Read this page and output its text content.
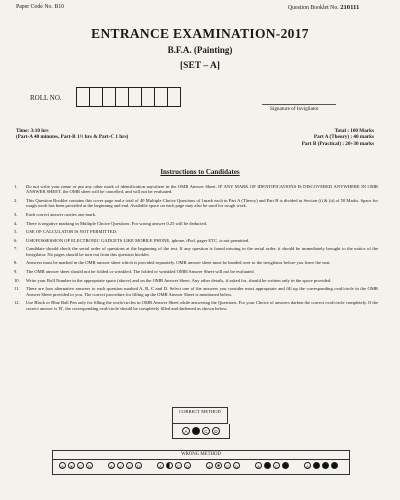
Paper Code No. B10	Question Booklet No. 210111
ENTRANCE EXAMINATION-2017
B.F.A. (Painting)
[SET – A]
ROLL NO.
Signature of Invigilator
Time: 3:10 hrs
(Part-A 40 minutes, Part-B 1½ hrs & Part-C 1 hrs)
Total : 100 Marks
Part A (Theory) : 40 marks
Part B (Practical) : 20+30 marks
Instructions to Candidates
1.	Do not write your name or put any other mark of identification anywhere in the OMR Answer Sheet. IF ANY MARK OF IDENTIFICATIONS IS DISCOVERED ANYWHERE IN OMR ANSWER SHEET, the OMR sheet will be cancelled, and will not be evaluated.
2.	This Question Booklet contains this cover page and a total of 40 Multiple Choice Questions of 1mark each in Part A (Theory) and Part B is divided in Section (i) & (ii) of 50 Marks. Space for rough work has been provided at the beginning and end. Available space on each page may also be used for rough work.
3.	Each correct answer carries one mark.
4.	There is negative marking in Multiple Choice Questions. For wrong answer 0.25 will be deducted.
5.	USE OF CALCULATOR IS NOT PERMITTED.
6.	USE/POSSESSION OF ELECTRONIC GADGETS LIKE MOBILE PHONE, iphone, iPod, pager ETC. is not permitted.
7.	Candidate should check the serial order of questions at the beginning of the test. If any question is found missing in the serial order, it should be immediately brought to the notice of the Invigilator. No pages should be torn out from this question booklet.
8.	Answers must be marked in the OMR answer sheet which is provided separately. OMR answer sheet must be handed over to the invigilator before you leave the seat.
9.	The OMR answer sheet should not be folded or wrinkled. The folded or wrinkled OMR/Answer Sheet will not be evaluated.
10.	Write your Roll Number in the appropriate space (above) and on the OMR Answer Sheet. Any other details, if asked for, should be written only in the space provided.
11.	There are four alternative answers to each question marked A, B, C and D. Select one of the answers you consider most appropriate and fill up the corresponding oval/circle in the OMR Answer Sheet provided to you. The correct procedure for filling up the OMR Answer Sheet is mentioned below.
12.	Use Black or Blue Ball Pen only for filling the ovals/circles in OMR Answer Sheet while answering the Questions. For your Choice of answers darken the correct oval/circle completely. If the correct answer is 'B', the corresponding oval/circle should be completely filled and darkened as shown below.
CORRECT METHOD
A	C	D
WRONG METHOD
A	X	C	D	A	✓	C	D	A	C	D	A	C	D	A	C	D	A
